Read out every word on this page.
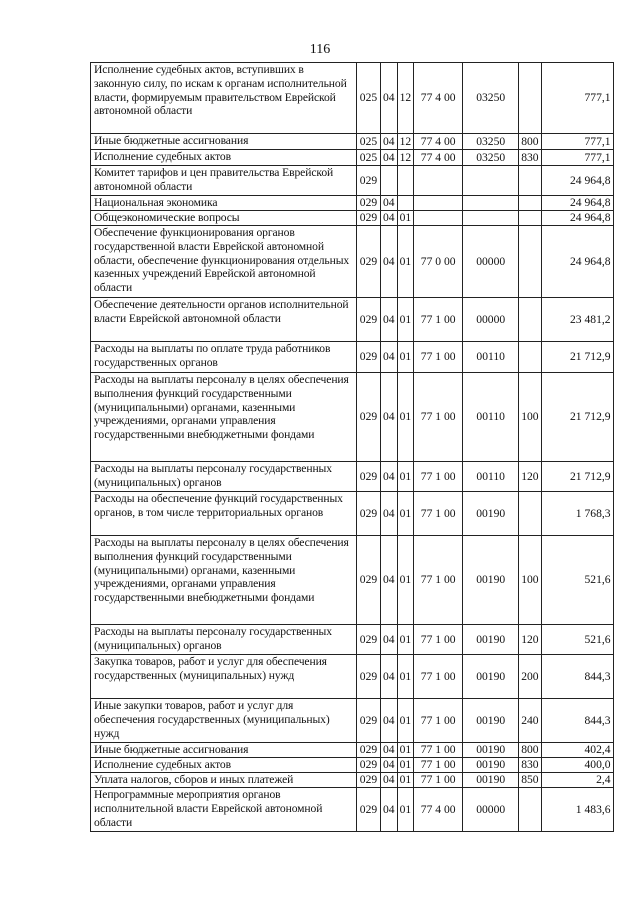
116
Исполнение судебных актов, вступивших в законную силу, по искам к органам исполнительной власти, формируемым правительством Еврейской автономной области	025	04	12	77 4 00	03250		777,1
Иные бюджетные ассигнования	025	04	12	77 4 00	03250	800	777,1
Исполнение судебных актов	025	04	12	77 4 00	03250	830	777,1
Комитет тарифов и цен правительства Еврейской автономной области	029						24 964,8
Национальная экономика	029	04					24 964,8
Общеэкономические вопросы	029	04	01				24 964,8
Обеспечение функционирования органов государственной власти Еврейской автономной области, обеспечение функционирования отдельных казенных учреждений Еврейской автономной области	029	04	01	77 0 00	00000		24 964,8
Обеспечение деятельности органов исполнительной власти Еврейской автономной области	029	04	01	77 1 00	00000		23 481,2
Расходы на выплаты по оплате труда работников государственных органов	029	04	01	77 1 00	00110		21 712,9
Расходы на выплаты персоналу в целях обеспечения выполнения функций государственными (муниципальными) органами, казенными учреждениями, органами управления государственными внебюджетными фондами	029	04	01	77 1 00	00110	100	21 712,9
Расходы на выплаты персоналу государственных (муниципальных) органов	029	04	01	77 1 00	00110	120	21 712,9
Расходы на обеспечение функций государственных органов, в том числе территориальных органов	029	04	01	77 1 00	00190		1 768,3
Расходы на выплаты персоналу в целях обеспечения выполнения функций государственными (муниципальными) органами, казенными учреждениями, органами управления государственными внебюджетными фондами	029	04	01	77 1 00	00190	100	521,6
Расходы на выплаты персоналу государственных (муниципальных) органов	029	04	01	77 1 00	00190	120	521,6
Закупка товаров, работ и услуг для обеспечения государственных (муниципальных) нужд	029	04	01	77 1 00	00190	200	844,3
Иные закупки товаров, работ и услуг для обеспечения государственных (муниципальных) нужд	029	04	01	77 1 00	00190	240	844,3
Иные бюджетные ассигнования	029	04	01	77 1 00	00190	800	402,4
Исполнение судебных актов	029	04	01	77 1 00	00190	830	400,0
Уплата налогов, сборов и иных платежей	029	04	01	77 1 00	00190	850	2,4
Непрограммные мероприятия органов исполнительной власти Еврейской автономной области	029	04	01	77 4 00	00000		1 483,6
